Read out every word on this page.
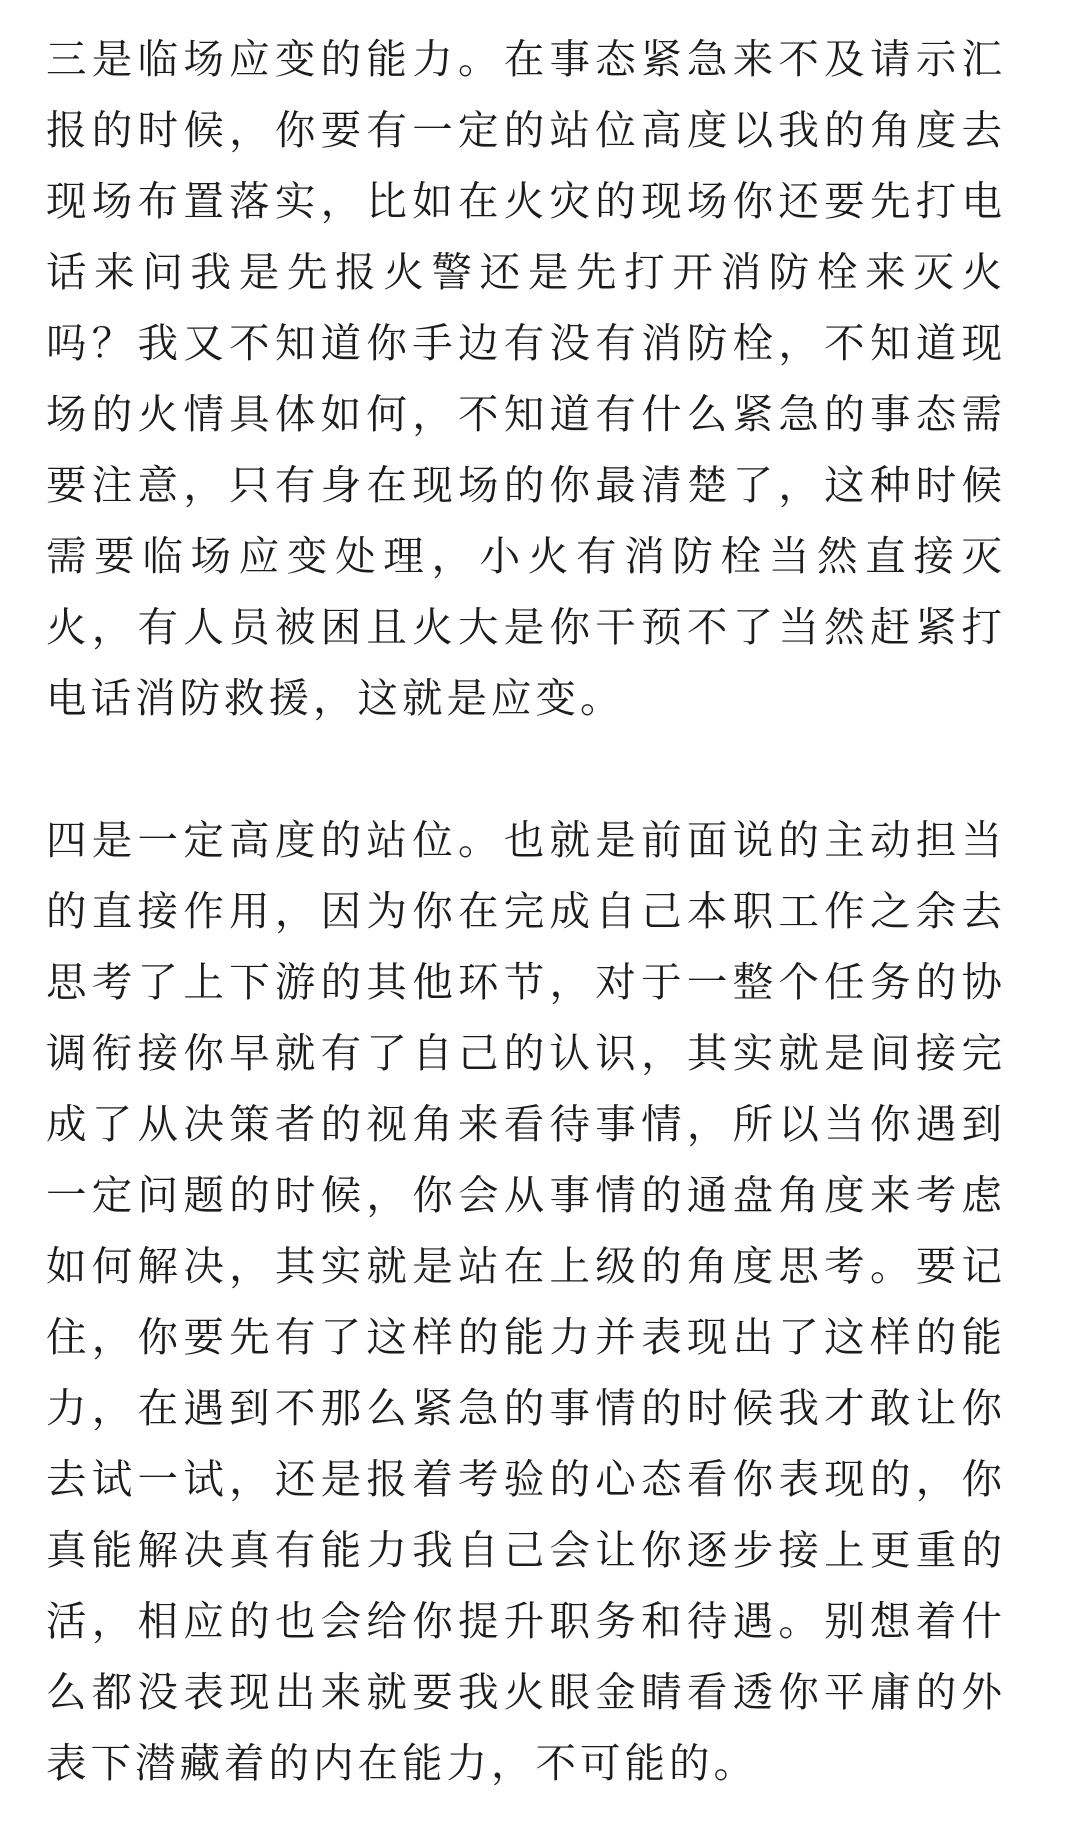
三是临场应变的能力。在事态紧急来不及请示汇报的时候，你要有一定的站位高度以我的角度去现场布置落实，比如在火灾的现场你还要先打电话来问我是先报火警还是先打开消防栓来灭火吗？我又不知道你手边有没有消防栓，不知道现场的火情具体如何，不知道有什么紧急的事态需要注意，只有身在现场的你最清楚了，这种时候需要临场应变处理，小火有消防栓当然直接灭火，有人员被困且火大是你干预不了当然赶紧打电话消防救援，这就是应变。

四是一定高度的站位。也就是前面说的主动担当的直接作用，因为你在完成自己本职工作之余去思考了上下游的其他环节，对于一整个任务的协调衔接你早就有了自己的认识，其实就是间接完成了从决策者的视角来看待事情，所以当你遇到一定问题的时候，你会从事情的通盘角度来考虑如何解决，其实就是站在上级的角度思考。要记住，你要先有了这样的能力并表现出了这样的能力，在遇到不那么紧急的事情的时候我才敢让你去试一试，还是报着考验的心态看你表现的，你真能解决真有能力我自己会让你逐步接上更重的活，相应的也会给你提升职务和待遇。别想着什么都没表现出来就要我火眼金睛看透你平庸的外表下潜藏着的内在能力，不可能的。
